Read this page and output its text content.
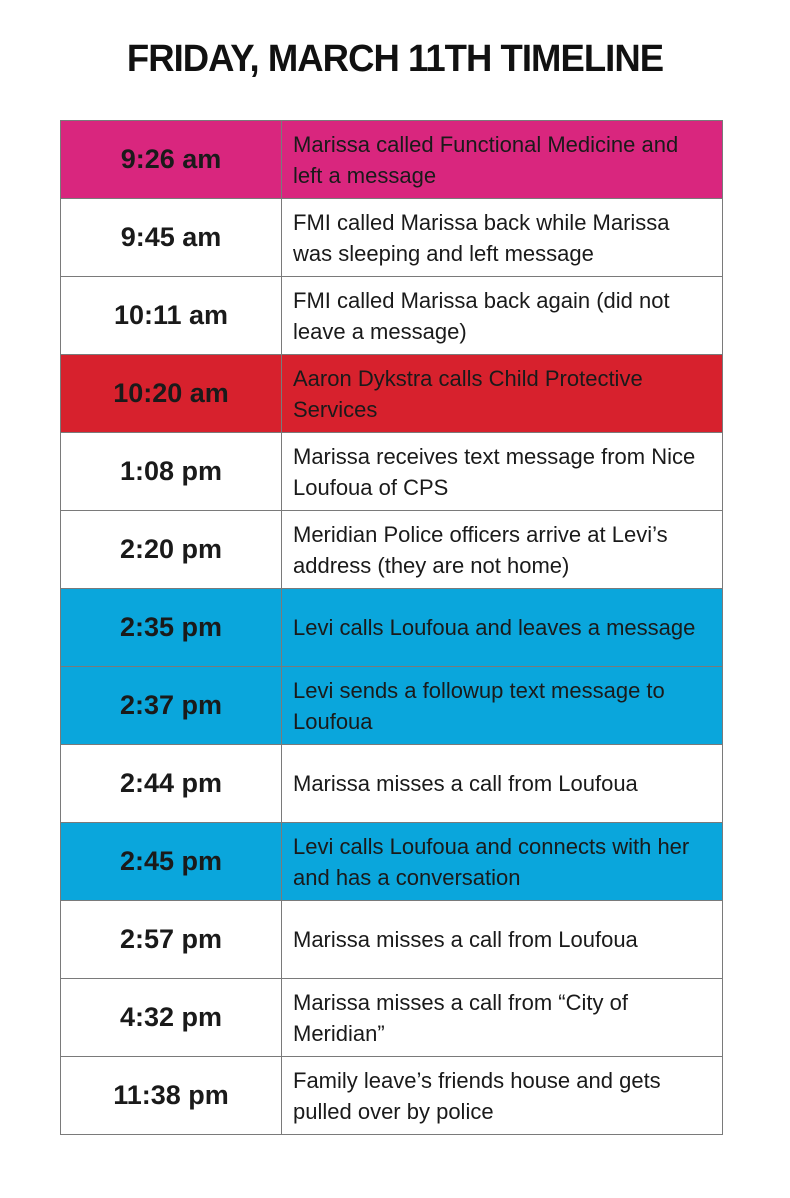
FRIDAY, MARCH 11TH TIMELINE
9:26 am	Marissa called Functional Medicine and left a message
9:45 am	FMI called Marissa back while Marissa was sleeping and left message
10:11 am	FMI called Marissa back again (did not leave a message)
10:20 am	Aaron Dykstra calls Child Protective Services
1:08 pm	Marissa receives text message from Nice Loufoua of CPS
2:20 pm	Meridian Police officers arrive at Levi’s address (they are not home)
2:35 pm	Levi calls Loufoua and leaves a message
2:37 pm	Levi sends a followup text message to Loufoua
2:44 pm	Marissa misses a call from Loufoua
2:45 pm	Levi calls Loufoua and connects with her and has a conversation
2:57 pm	Marissa misses a call from Loufoua
4:32 pm	Marissa misses a call from “City of Meridian”
11:38 pm	Family leave’s friends house and gets pulled over by police
